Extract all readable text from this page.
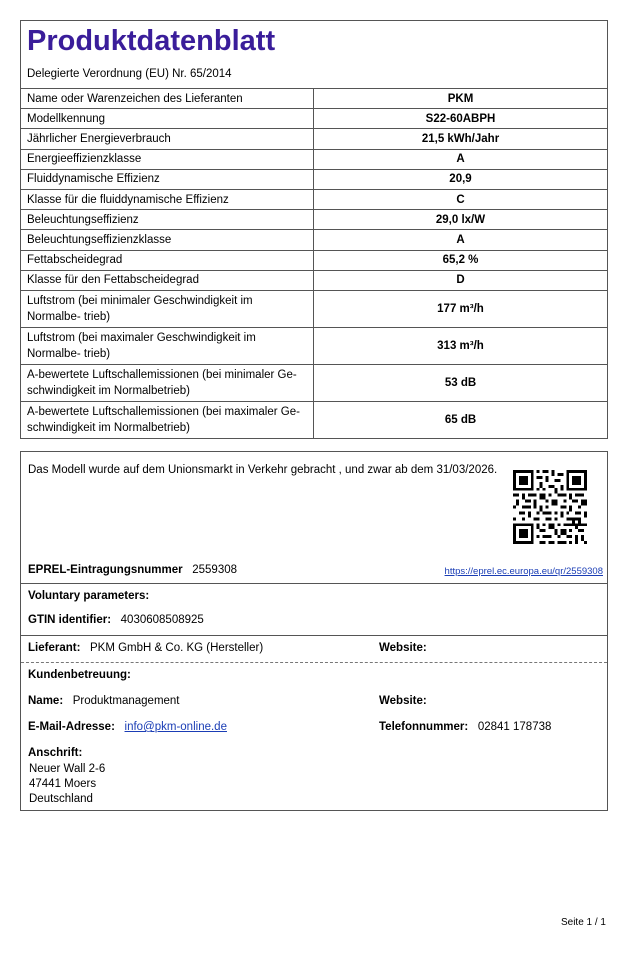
Produktdatenblatt
Delegierte Verordnung (EU) Nr. 65/2014
Name oder Warenzeichen des Lieferanten	PKM
Modellkennung	S22-60ABPH
Jährlicher Energieverbrauch	21,5 kWh/Jahr
Energieeffizienzklasse	A
Fluiddynamische Effizienz	20,9
Klasse für die fluiddynamische Effizienz	C
Beleuchtungseffizienz	29,0 lx/W
Beleuchtungseffizienzklasse	A
Fettabscheidegrad	65,2 %
Klasse für den Fettabscheidegrad	D
Luftstrom (bei minimaler Geschwindigkeit im Normalbe- trieb)	177 m³/h
Luftstrom (bei maximaler Geschwindigkeit im Normalbe- trieb)	313 m³/h
A-bewertete Luftschallemissionen (bei minimaler Ge- schwindigkeit im Normalbetrieb)	53 dB
A-bewertete Luftschallemissionen (bei maximaler Ge- schwindigkeit im Normalbetrieb)	65 dB
Das Modell wurde auf dem Unionsmarkt in Verkehr gebracht , und zwar ab dem 31/03/2026.
EPREL-Eintragungsnummer 2559308	https://eprel.ec.europa.eu/qr/2559308
Voluntary parameters:
GTIN identifier: 4030608508925
Lieferant: PKM GmbH & Co. KG (Hersteller)	Website:
Kundenbetreuung:
Name: Produktmanagement	Website:
E-Mail-Adresse: info@pkm-online.de	Telefonnummer: 02841 178738
Anschrift:
Neuer Wall 2-6
47441 Moers
Deutschland
Seite 1 / 1
